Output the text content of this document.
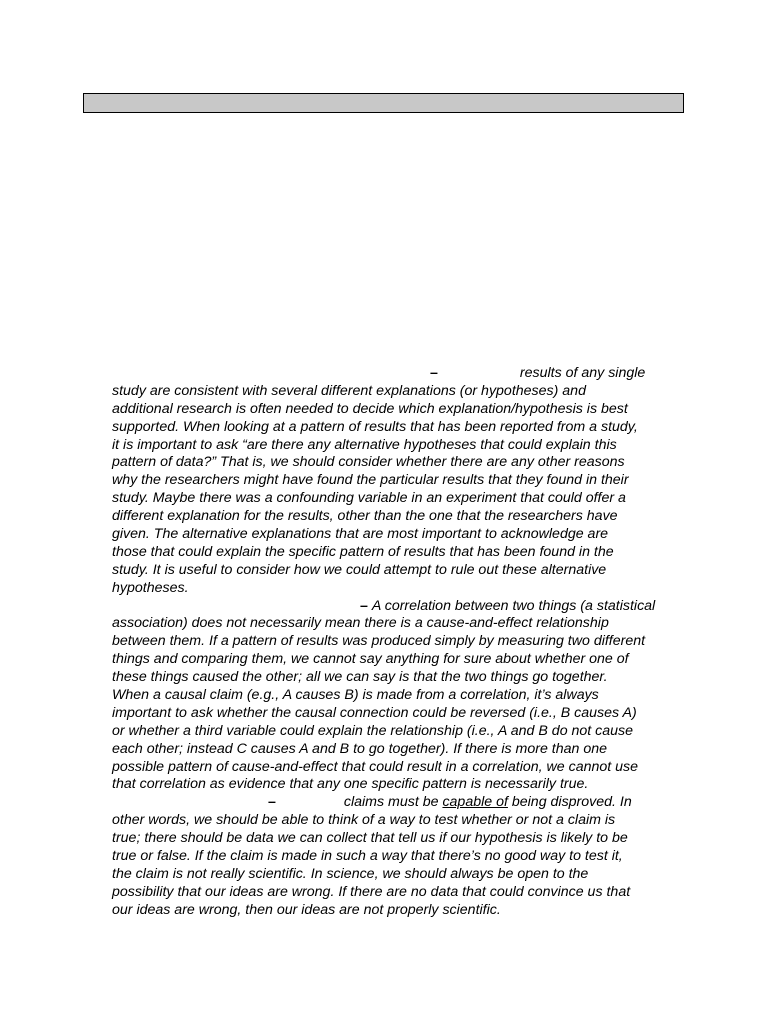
–	results of any single
study are consistent with several different explanations (or hypotheses) and
additional research is often needed to decide which explanation/hypothesis is best
supported. When looking at a pattern of results that has been reported from a study,
it is important to ask “are there any alternative hypotheses that could explain this
pattern of data?” That is, we should consider whether there are any other reasons
why the researchers might have found the particular results that they found in their
study. Maybe there was a confounding variable in an experiment that could offer a
different explanation for the results, other than the one that the researchers have
given. The alternative explanations that are most important to acknowledge are
those that could explain the specific pattern of results that has been found in the
study. It is useful to consider how we could attempt to rule out these alternative
hypotheses.
– A correlation between two things (a statistical
association) does not necessarily mean there is a cause-and-effect relationship
between them. If a pattern of results was produced simply by measuring two different
things and comparing them, we cannot say anything for sure about whether one of
these things caused the other; all we can say is that the two things go together.
When a causal claim (e.g., A causes B) is made from a correlation, it’s always
important to ask whether the causal connection could be reversed (i.e., B causes A)
or whether a third variable could explain the relationship (i.e., A and B do not cause
each other; instead C causes A and B to go together). If there is more than one
possible pattern of cause-and-effect that could result in a correlation, we cannot use
that correlation as evidence that any one specific pattern is necessarily true.
–	claims must be capable of being disproved. In
other words, we should be able to think of a way to test whether or not a claim is
true; there should be data we can collect that tell us if our hypothesis is likely to be
true or false. If the claim is made in such a way that there’s no good way to test it,
the claim is not really scientific. In science, we should always be open to the
possibility that our ideas are wrong. If there are no data that could convince us that
our ideas are wrong, then our ideas are not properly scientific.
